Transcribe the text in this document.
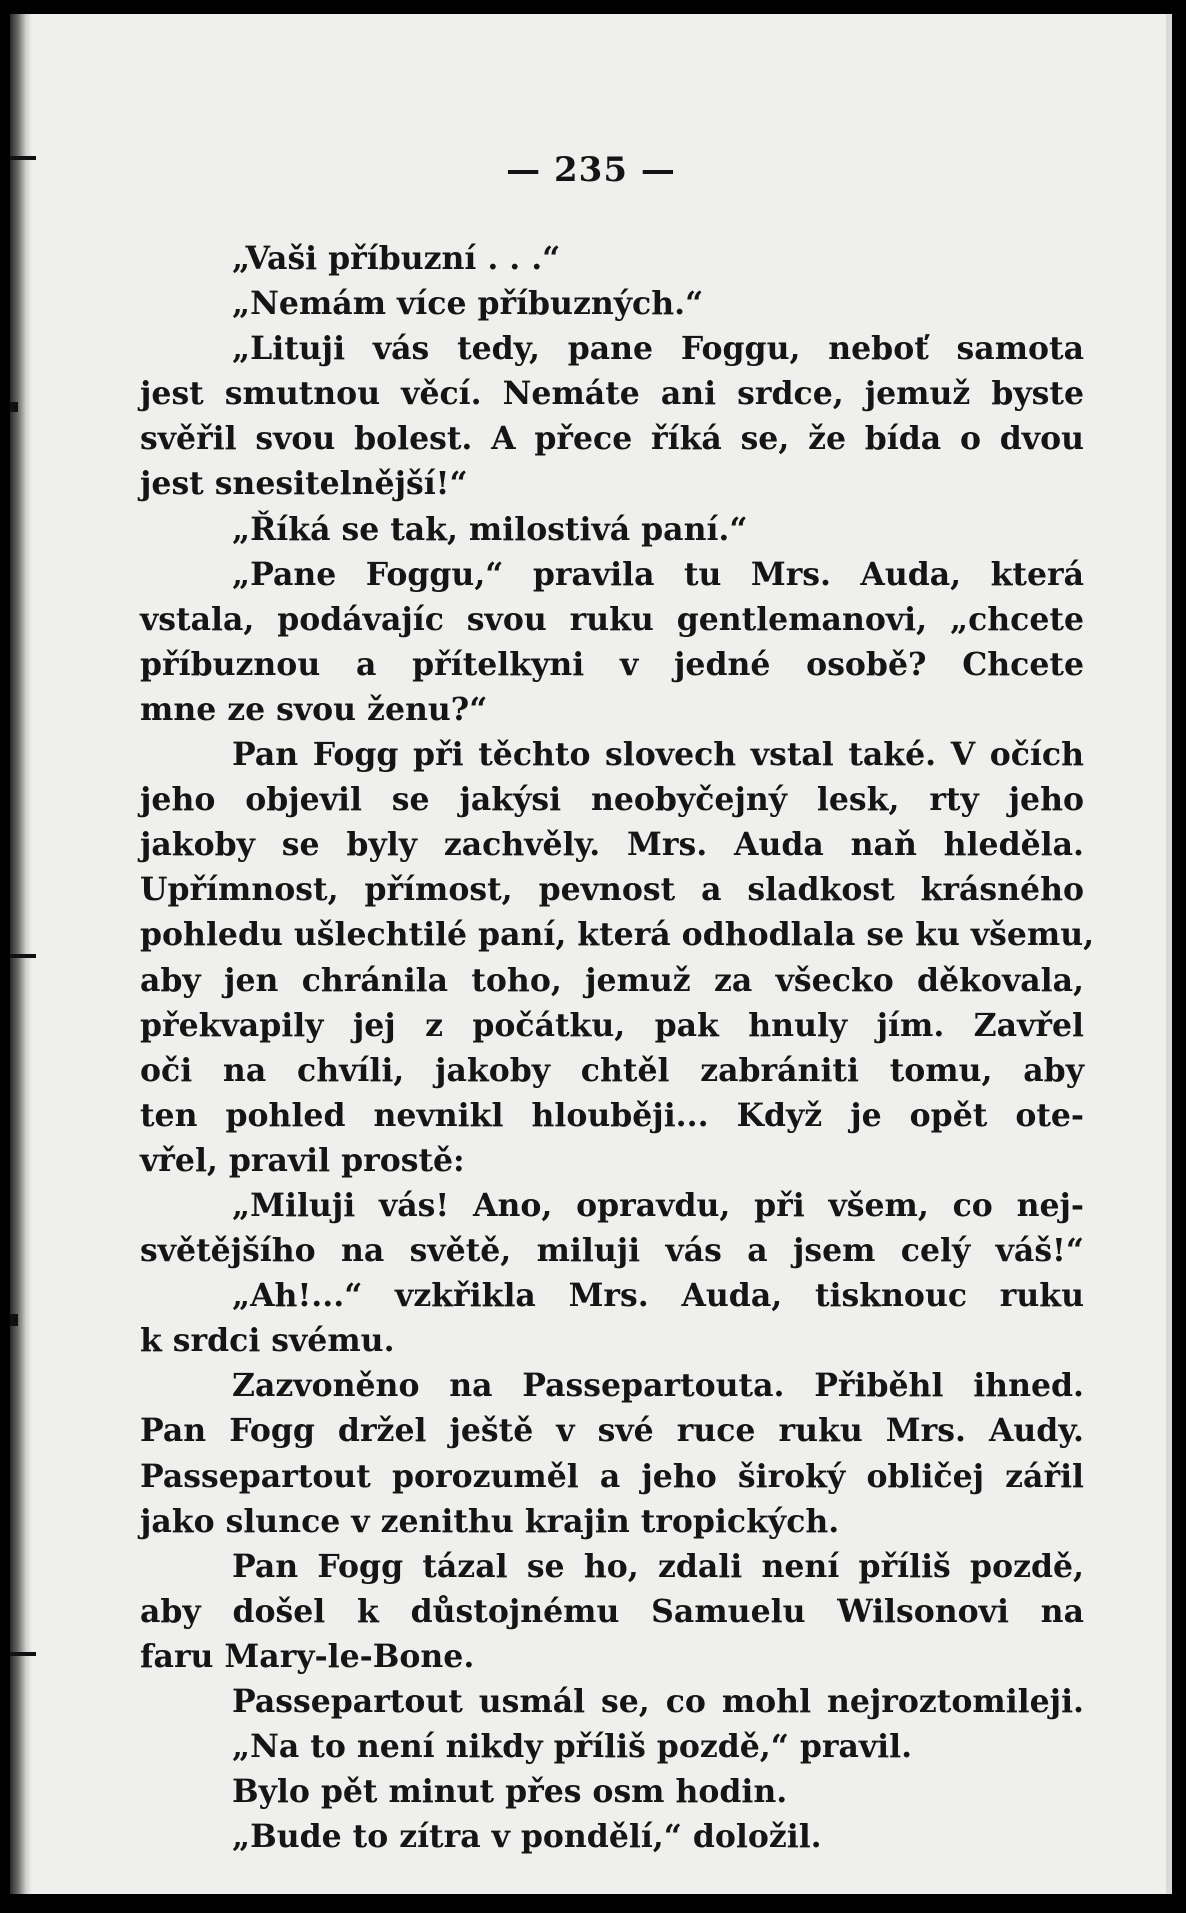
— 235 —
„Vaši příbuzní . . .“
„Nemám více příbuzných.“
„Lituji vás tedy, pane Foggu, neboť samota
jest smutnou věcí. Nemáte ani srdce, jemuž byste
svěřil svou bolest. A přece říká se, že bída o dvou
jest snesitelnější!“
„Říká se tak, milostivá paní.“
„Pane Foggu,“ pravila tu Mrs. Auda, která
vstala, podávajíc svou ruku gentlemanovi, „chcete
příbuznou a přítelkyni v jedné osobě? Chcete
mne ze svou ženu?“
Pan Fogg při těchto slovech vstal také. V očích
jeho objevil se jakýsi neobyčejný lesk, rty jeho
jakoby se byly zachvěly. Mrs. Auda naň hleděla.
Upřímnost, přímost, pevnost a sladkost krásného
pohledu ušlechtilé paní, která odhodlala se ku všemu,
aby jen chránila toho, jemuž za všecko děkovala,
překvapily jej z počátku, pak hnuly jím. Zavřel
oči na chvíli, jakoby chtěl zabrániti tomu, aby
ten pohled nevnikl hlouběji... Když je opět ote-
vřel, pravil prostě:
„Miluji vás! Ano, opravdu, při všem, co nej-
světějšího na světě, miluji vás a jsem celý váš!“
„Ah!...“ vzkřikla Mrs. Auda, tisknouc ruku
k srdci svému.
Zazvoněno na Passepartouta. Přiběhl ihned.
Pan Fogg držel ještě v své ruce ruku Mrs. Audy.
Passepartout porozuměl a jeho široký obličej zářil
jako slunce v zenithu krajin tropických.
Pan Fogg tázal se ho, zdali není příliš pozdě,
aby došel k důstojnému Samuelu Wilsonovi na
faru Mary-le-Bone.
Passepartout usmál se, co mohl nejroztomileji.
„Na to není nikdy příliš pozdě,“ pravil.
Bylo pět minut přes osm hodin.
„Bude to zítra v pondělí,“ doložil.
